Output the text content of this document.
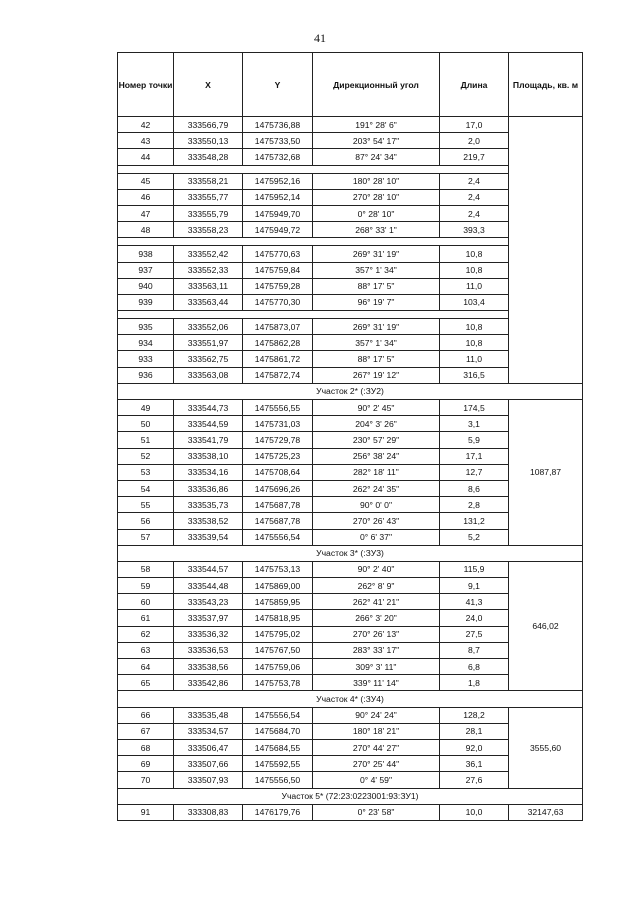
41
Номер точки	X	Y	Дирекционный угол	Длина	Площадь, кв. м
42	333566,79	1475736,88	191° 28' 6"	17,0	
43	333550,13	1475733,50	203° 54' 17"	2,0	
44	333548,28	1475732,68	87° 24' 34"	219,7	

45	333558,21	1475952,16	180° 28' 10"	2,4	
46	333555,77	1475952,14	270° 28' 10"	2,4	
47	333555,79	1475949,70	0° 28' 10"	2,4	
48	333558,23	1475949,72	268° 33' 1"	393,3	

938	333552,42	1475770,63	269° 31' 19"	10,8	
937	333552,33	1475759,84	357° 1' 34"	10,8	
940	333563,11	1475759,28	88° 17' 5"	11,0	
939	333563,44	1475770,30	96° 19' 7"	103,4	

935	333552,06	1475873,07	269° 31' 19"	10,8	
934	333551,97	1475862,28	357° 1' 34"	10,8	
933	333562,75	1475861,72	88° 17' 5"	11,0	
936	333563,08	1475872,74	267° 19' 12"	316,5	
Участок 2* (:ЗУ2)					
49	333544,73	1475556,55	90° 2' 45"	174,5	1087,87
50	333544,59	1475731,03	204° 3' 26"	3,1	
51	333541,79	1475729,78	230° 57' 29"	5,9	
52	333538,10	1475725,23	256° 38' 24"	17,1	
53	333534,16	1475708,64	282° 18' 11"	12,7	
54	333536,86	1475696,26	262° 24' 35"	8,6	
55	333535,73	1475687,78	90° 0' 0"	2,8	
56	333538,52	1475687,78	270° 26' 43"	131,2	
57	333539,54	1475556,54	0° 6' 37"	5,2	
Участок 3* (:ЗУ3)					
58	333544,57	1475753,13	90° 2' 40"	115,9	646,02
59	333544,48	1475869,00	262° 8' 9"	9,1	
60	333543,23	1475859,95	262° 41' 21"	41,3	
61	333537,97	1475818,95	266° 3' 20"	24,0	
62	333536,32	1475795,02	270° 26' 13"	27,5	
63	333536,53	1475767,50	283° 33' 17"	8,7	
64	333538,56	1475759,06	309° 3' 11"	6,8	
65	333542,86	1475753,78	339° 11' 14"	1,8	
Участок 4* (:ЗУ4)					
66	333535,48	1475556,54	90° 24' 24"	128,2	3555,60
67	333534,57	1475684,70	180° 18' 21"	28,1	
68	333506,47	1475684,55	270° 44' 27"	92,0	
69	333507,66	1475592,55	270° 25' 44"	36,1	
70	333507,93	1475556,50	0° 4' 59"	27,6	
Участок 5* (72:23:0223001:93:ЗУ1)					
91	333308,83	1476179,76	0° 23' 58"	10,0	32147,63
